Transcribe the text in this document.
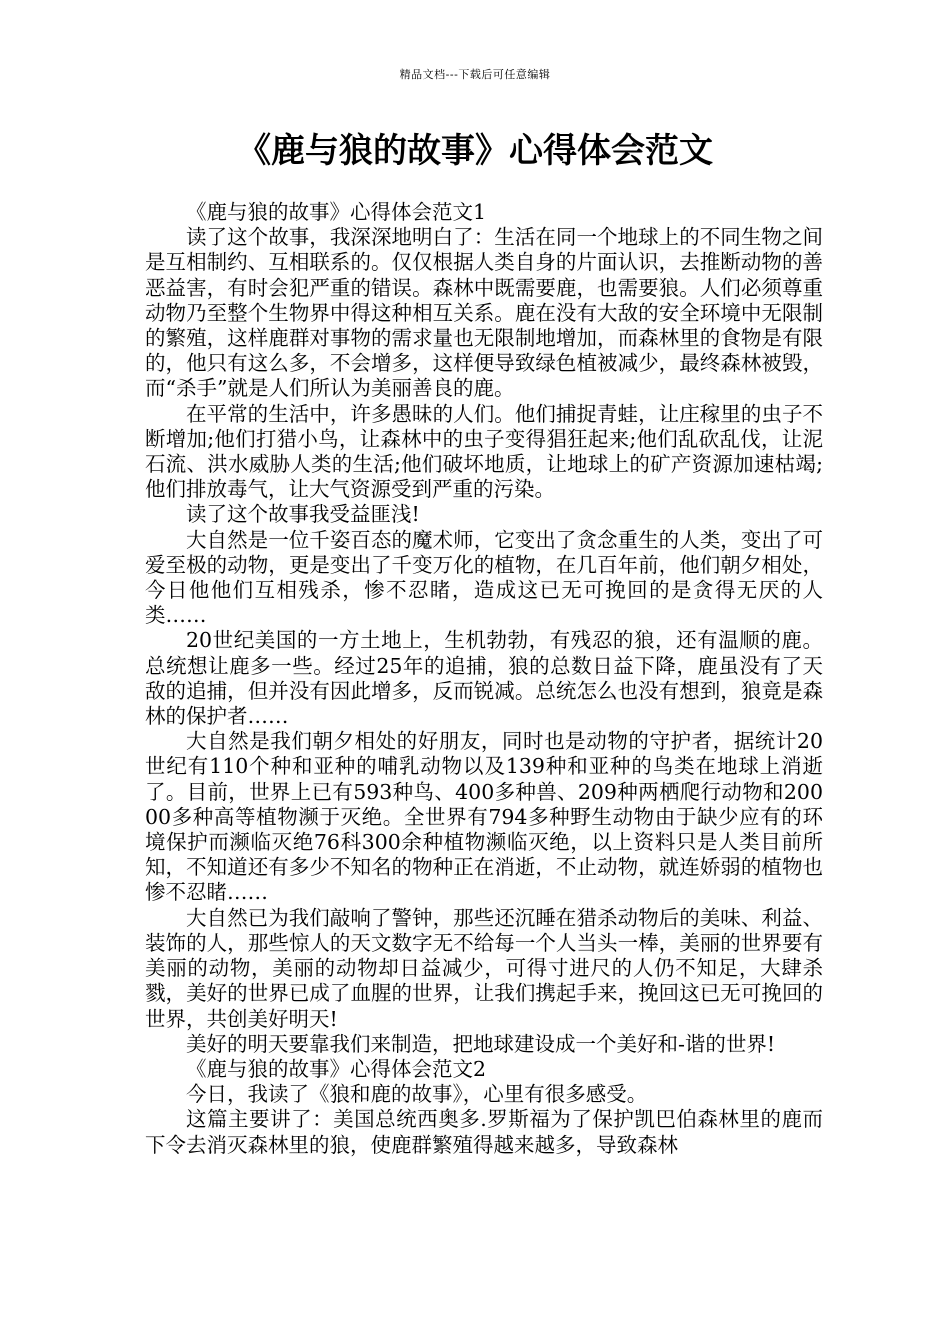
精品文档---下载后可任意编辑
《鹿与狼的故事》心得体会范文

《鹿与狼的故事》心得体会范文1

读了这个故事，我深深地明白了：生活在同一个地球上的不同生物之间是互相制约、互相联系的。仅仅根据人类自身的片面认识，去推断动物的善恶益害，有时会犯严重的错误。森林中既需要鹿，也需要狼。人们必须尊重动物乃至整个生物界中得这种相互关系。鹿在没有大敌的安全环境中无限制的繁殖，这样鹿群对事物的需求量也无限制地增加，而森林里的食物是有限的，他只有这么多，不会增多，这样便导致绿色植被减少，最终森林被毁，而“杀手”就是人们所认为美丽善良的鹿。

在平常的生活中，许多愚昧的人们。他们捕捉青蛙，让庄稼里的虫子不断增加;他们打猎小鸟，让森林中的虫子变得猖狂起来;他们乱砍乱伐，让泥石流、洪水威胁人类的生活;他们破坏地质，让地球上的矿产资源加速枯竭;他们排放毒气，让大气资源受到严重的污染。

读了这个故事我受益匪浅!

大自然是一位千姿百态的魔术师，它变出了贪念重生的人类，变出了可爱至极的动物，更是变出了千变万化的植物，在几百年前，他们朝夕相处，今日他他们互相残杀，惨不忍睹，造成这已无可挽回的是贪得无厌的人类……

20世纪美国的一方土地上，生机勃勃，有残忍的狼，还有温顺的鹿。总统想让鹿多一些。经过25年的追捕，狼的总数日益下降，鹿虽没有了天敌的追捕，但并没有因此增多，反而锐减。总统怎么也没有想到，狼竟是森林的保护者……

大自然是我们朝夕相处的好朋友，同时也是动物的守护者，据统计20世纪有110个种和亚种的哺乳动物以及139种和亚种的鸟类在地球上消逝了。目前，世界上已有593种鸟、400多种兽、209种两栖爬行动物和20000多种高等植物濒于灭绝。全世界有794多种野生动物由于缺少应有的环境保护而濒临灭绝76科300余种植物濒临灭绝，以上资料只是人类目前所知，不知道还有多少不知名的物种正在消逝，不止动物，就连娇弱的植物也惨不忍睹……

大自然已为我们敲响了警钟，那些还沉睡在猎杀动物后的美味、利益、装饰的人，那些惊人的天文数字无不给每一个人当头一棒，美丽的世界要有美丽的动物，美丽的动物却日益减少，可得寸进尺的人仍不知足，大肆杀戮，美好的世界已成了血腥的世界，让我们携起手来，挽回这已无可挽回的世界，共创美好明天!

美好的明天要靠我们来制造，把地球建设成一个美好和-谐的世界!

《鹿与狼的故事》心得体会范文2

今日，我读了《狼和鹿的故事》，心里有很多感受。

这篇主要讲了：美国总统西奥多.罗斯福为了保护凯巴伯森林里的鹿而下令去消灭森林里的狼，使鹿群繁殖得越来越多，导致森林
